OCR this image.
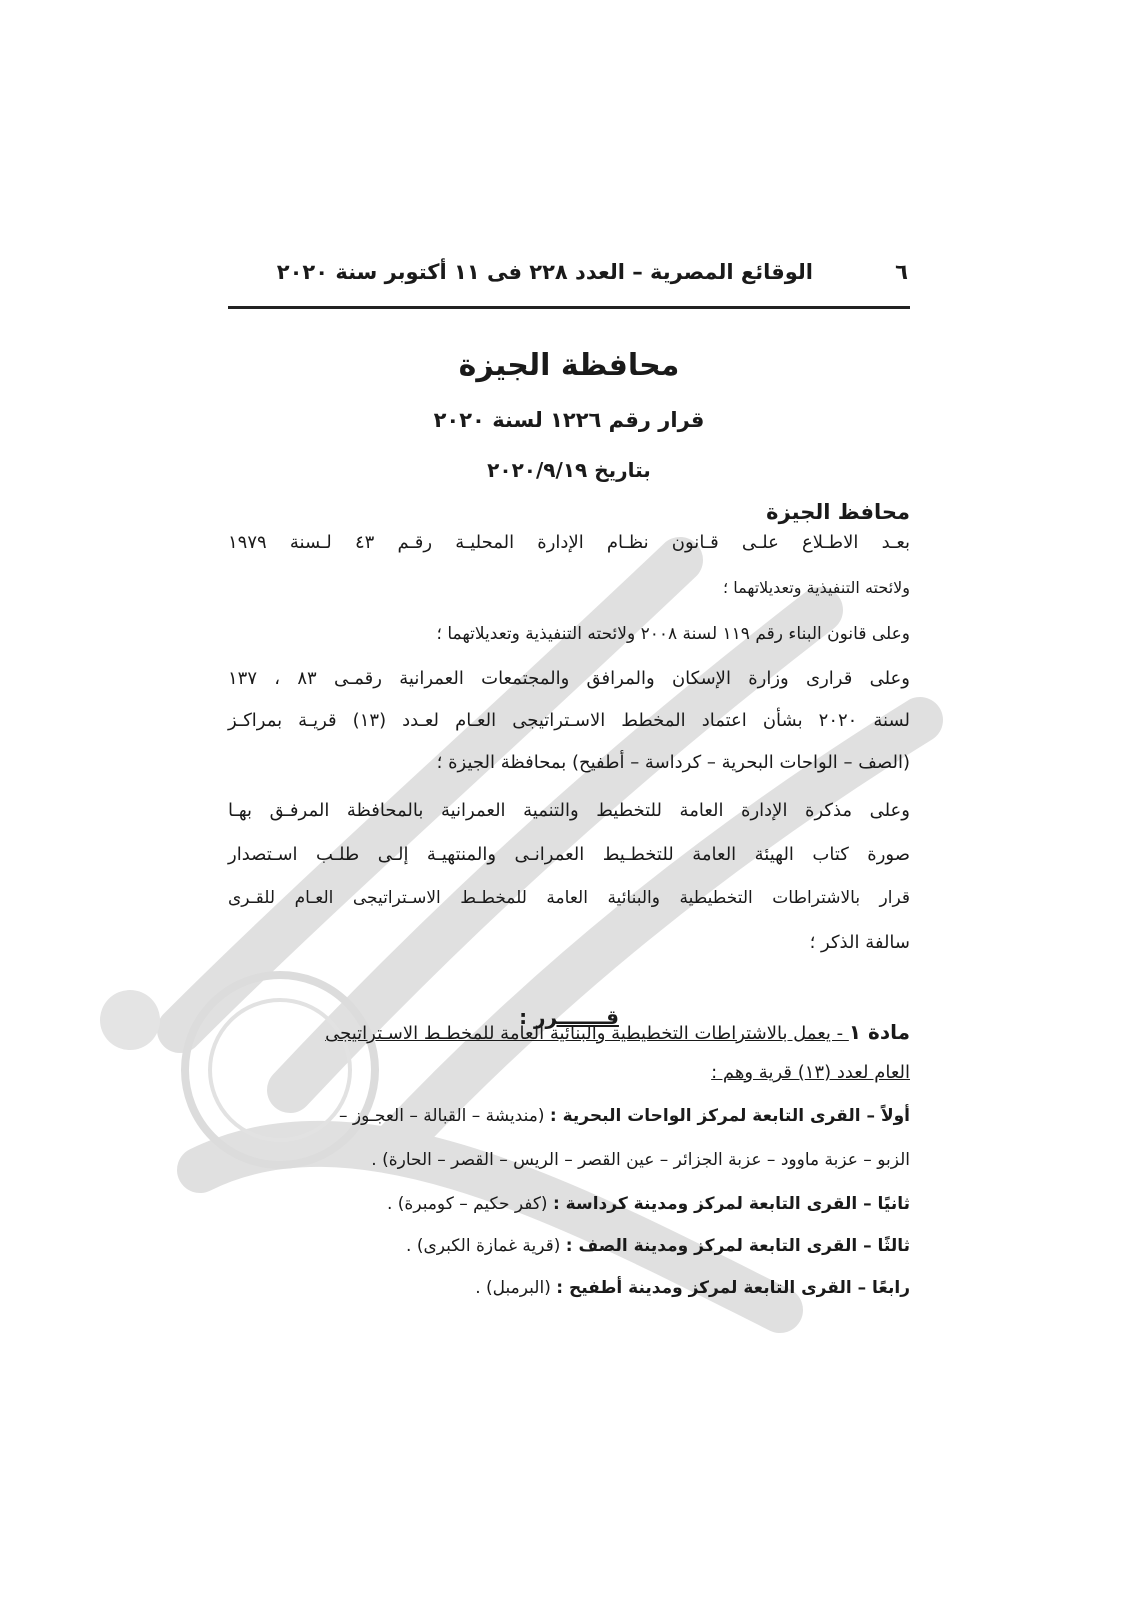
٦
الوقائع المصرية – العدد ٢٢٨ فى ١١ أكتوبر سنة ٢٠٢٠
محافظة الجيزة
قرار رقم ١٢٢٦ لسنة ٢٠٢٠
بتاريخ ٢٠٢٠/٩/١٩
محافظ الجيزة
بعـد الاطـلاع علـى قـانون نظـام الإدارة المحليـة رقـم ٤٣ لـسنة ١٩٧٩
ولائحته التنفيذية وتعديلاتهما ؛
وعلى قانون البناء رقم ١١٩ لسنة ٢٠٠٨ ولائحته التنفيذية وتعديلاتهما ؛
وعلى قرارى وزارة الإسكان والمرافق والمجتمعات العمرانية رقمـى ٨٣ ، ١٣٧
لسنة ٢٠٢٠ بشأن اعتماد المخطط الاسـتراتيجى العـام لعـدد (١٣) قريـة بمراكـز
(الصف – الواحات البحرية – كرداسة – أطفيح) بمحافظة الجيزة ؛
وعلى مذكرة الإدارة العامة للتخطيط والتنمية العمرانية بالمحافظة المرفـق بهـا
صورة كتاب الهيئة العامة للتخطـيط العمرانـى والمنتهيـة إلـى طلـب اسـتصدار
قرار بالاشتراطات التخطيطية والبنائية العامة للمخطـط الاسـتراتيجى العـام للقـرى
سالفة الذكر ؛
قـــــــرر :
مادة ١ - يعمل بالاشتراطات التخطيطية والبنائية العامة للمخطـط الاسـتراتيجى
العام لعدد (١٣) قرية وهم :
أولاً – القرى التابعة لمركز الواحات البحرية : (منديشة – القبالة – العجـوز –
الزبو – عزبة ماوود – عزبة الجزائر – عين القصر – الريس – القصر – الحارة) .
ثانيًا – القرى التابعة لمركز ومدينة كرداسة : (كفر حكيم – كومبرة) .
ثالثًا – القرى التابعة لمركز ومدينة الصف : (قرية غمازة الكبرى) .
رابعًا – القرى التابعة لمركز ومدينة أطفيح : (البرمبل) .
